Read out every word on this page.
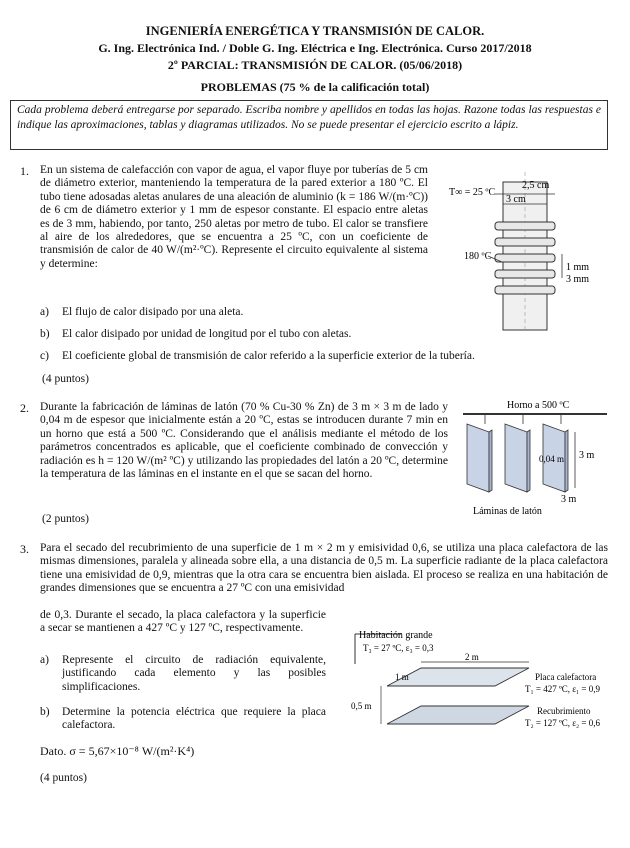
INGENIERÍA ENERGÉTICA Y TRANSMISIÓN DE CALOR.
G. Ing. Electrónica Ind. / Doble G. Ing. Eléctrica e Ing. Electrónica. Curso 2017/2018
2º PARCIAL: TRANSMISIÓN DE CALOR. (05/06/2018)
PROBLEMAS (75 % de la calificación total)
Cada problema deberá entregarse por separado. Escriba nombre y apellidos en todas las hojas. Razone todas las respuestas e indique las aproximaciones, tablas y diagramas utilizados. No se puede presentar el ejercicio escrito a lápiz.
1. En un sistema de calefacción con vapor de agua, el vapor fluye por tuberías de 5 cm de diámetro exterior, manteniendo la temperatura de la pared exterior a 180 ºC. El tubo tiene adosadas aletas anulares de una aleación de aluminio (k = 186 W/(m·ºC)) de 6 cm de diámetro exterior y 1 mm de espesor constante. El espacio entre aletas es de 3 mm, habiendo, por tanto, 250 aletas por metro de tubo. El calor se transfiere al aire de los alrededores, que se encuentra a 25 ºC, con un coeficiente de transmisión de calor de 40 W/(m²·ºC). Represente el circuito equivalente al sistema y determine:
T∞ = 25 ºC
2,5 cm
3 cm
180 ºC
1 mm
3 mm
a) El flujo de calor disipado por una aleta.
b) El calor disipado por unidad de longitud por el tubo con aletas.
c) El coeficiente global de transmisión de calor referido a la superficie exterior de la tubería.
(4 puntos)
2. Durante la fabricación de láminas de latón (70 % Cu-30 % Zn) de 3 m × 3 m de lado y 0,04 m de espesor que inicialmente están a 20 ºC, estas se introducen durante 7 min en un horno que está a 500 ºC. Considerando que el análisis mediante el método de los parámetros concentrados es aplicable, que el coeficiente combinado de convección y radiación es h = 120 W/(m² ºC) y utilizando las propiedades del latón a 20 ºC, determine la temperatura de las láminas en el instante en el que se sacan del horno.
Horno a 500 ºC
3 m
0,04 m
3 m
Láminas de latón
(2 puntos)
3. Para el secado del recubrimiento de una superficie de 1 m × 2 m y emisividad 0,6, se utiliza una placa calefactora de las mismas dimensiones, paralela y alineada sobre ella, a una distancia de 0,5 m. La superficie radiante de la placa calefactora tiene una emisividad de 0,9, mientras que la otra cara se encuentra bien aislada. El proceso se realiza en una habitación de grandes dimensiones que se encuentra a 27 ºC con una emisividad
de 0,3. Durante el secado, la placa calefactora y la superficie a secar se mantienen a 427 ºC y 127 ºC, respectivamente.
a) Represente el circuito de radiación equivalente, justificando cada elemento y las posibles simplificaciones.
b) Determine la potencia eléctrica que requiere la placa calefactora.
Dato. σ = 5,67×10⁻⁸ W/(m²·K⁴)
(4 puntos)
Habitación grande
T₃ = 27 ºC, ε₃ = 0,3
2 m
1 m
0,5 m
Placa calefactora
T₁ = 427 ºC, ε₁ = 0,9
Recubrimiento
T₂ = 127 ºC, ε₂ = 0,6
